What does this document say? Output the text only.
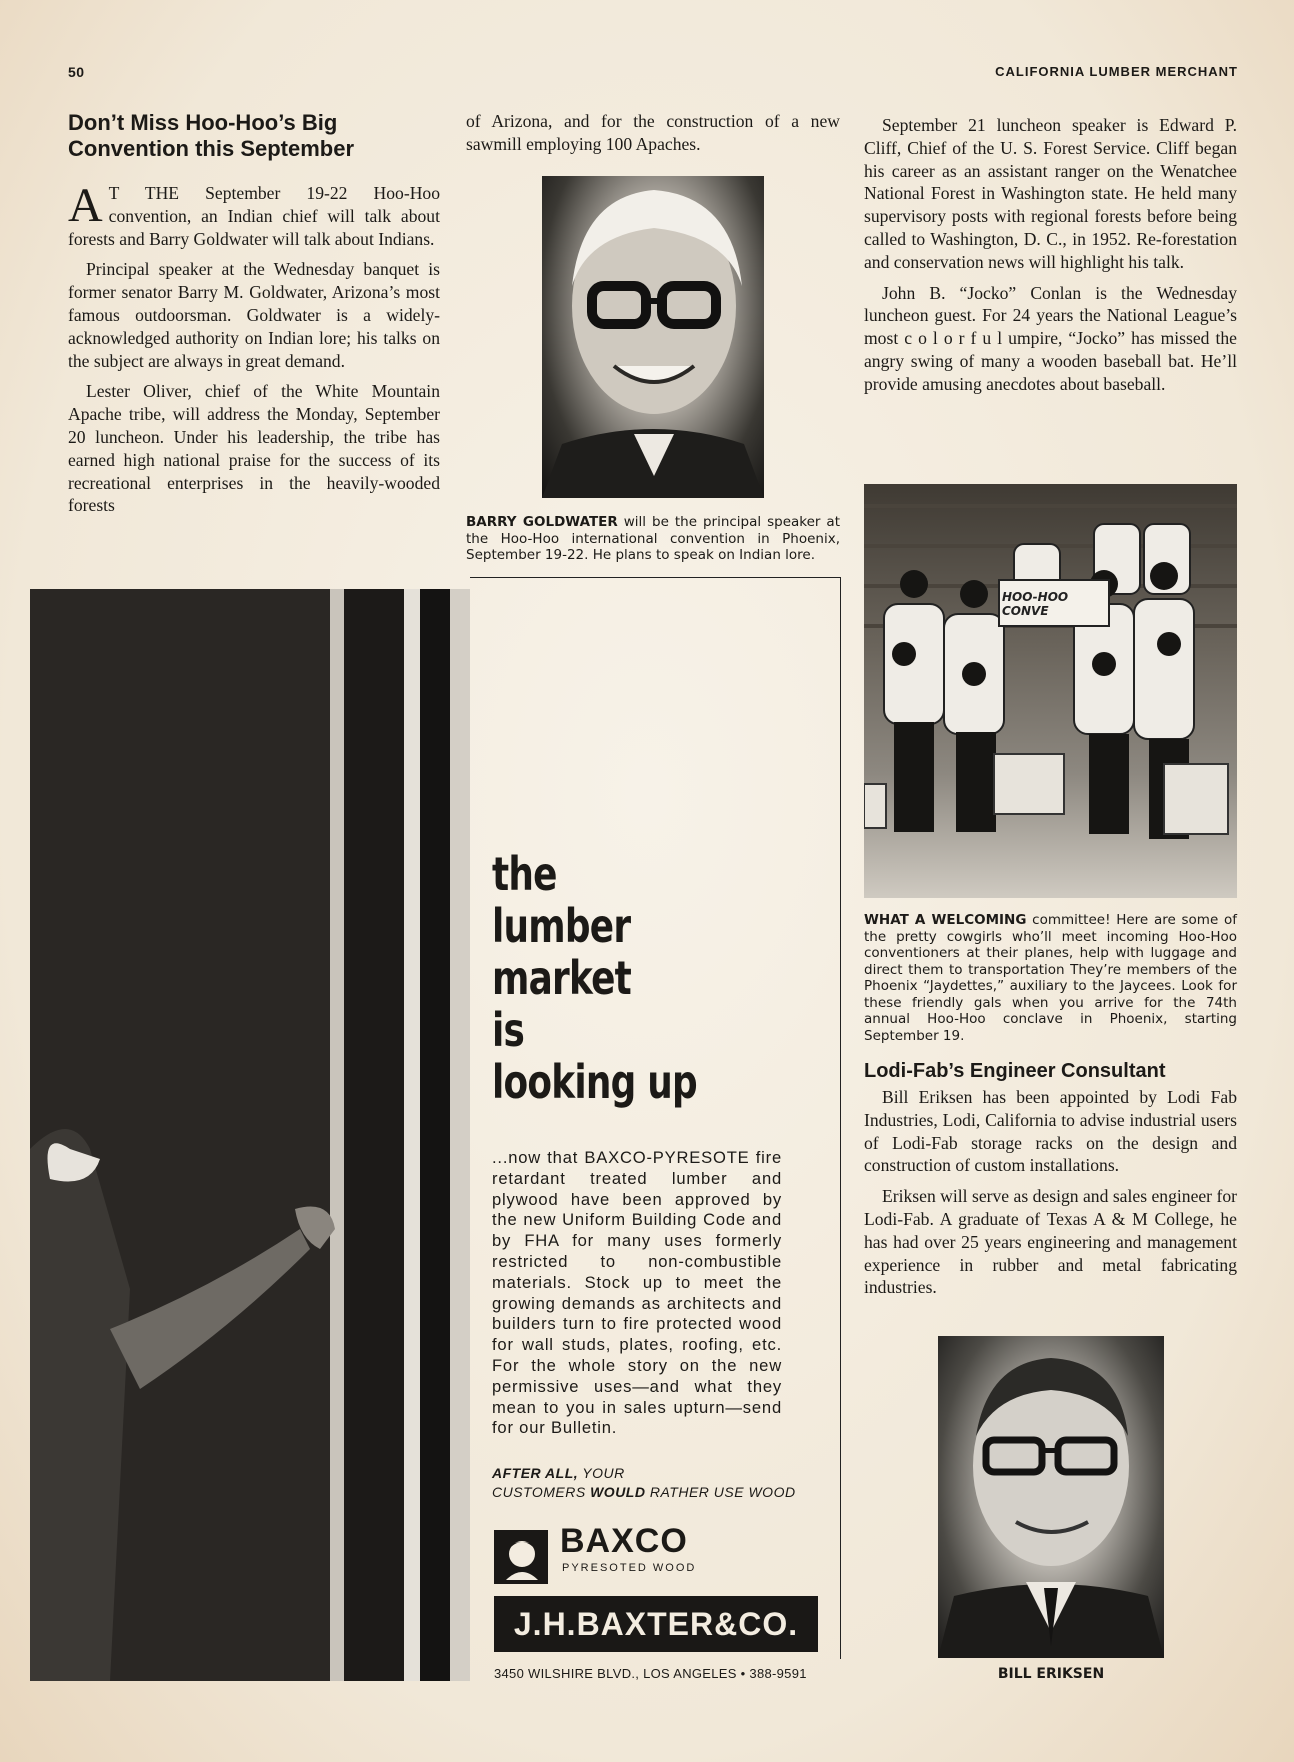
50	CALIFORNIA LUMBER MERCHANT
Don’t Miss Hoo-Hoo’s Big
Convention this September

A T THE September 19-22 Hoo-Hoo convention, an Indian chief will talk about forests and Barry Goldwater will talk about Indians.

Principal speaker at the Wednesday banquet is former senator Barry M. Goldwater, Arizona’s most famous outdoorsman. Goldwater is a widely-acknowledged authority on Indian lore; his talks on the subject are always in great demand.

Lester Oliver, chief of the White Mountain Apache tribe, will address the Monday, September 20 luncheon. Under his leadership, the tribe has earned high national praise for the success of its recreational enterprises in the heavily-wooded forests

of Arizona, and for the construction of a new sawmill employing 100 Apaches.

BARRY GOLDWATER will be the principal speaker at the Hoo-Hoo international convention in Phoenix, September 19-22. He plans to speak on Indian lore.

September 21 luncheon speaker is Edward P. Cliff, Chief of the U. S. Forest Service. Cliff began his career as an assistant ranger on the Wenatchee National Forest in Washington state. He held many supervisory posts with regional forests before being called to Washington, D. C., in 1952. Re-forestation and conservation news will highlight his talk.

John B. “Jocko” Conlan is the Wednesday luncheon guest. For 24 years the National League’s most c o l o r f u l umpire, “Jocko” has missed the angry swing of many a wooden baseball bat. He’ll provide amusing anecdotes about baseball.

HOO-HOO CONVE
WHAT A WELCOMING committee! Here are some of the pretty cowgirls who’ll meet incoming Hoo-Hoo conventioners at their planes, help with luggage and direct them to transportation They’re members of the Phoenix “Jaydettes,” auxiliary to the Jaycees. Look for these friendly gals when you arrive for the 74th annual Hoo-Hoo conclave in Phoenix, starting September 19.
Lodi-Fab’s Engineer Consultant

Bill Eriksen has been appointed by Lodi Fab Industries, Lodi, California to advise industrial users of Lodi-Fab storage racks on the design and construction of custom installations.

Eriksen will serve as design and sales engineer for Lodi-Fab. A graduate of Texas A & M College, he has had over 25 years engineering and management experience in rubber and metal fabricating industries.

BILL ERIKSEN
the
lumber
market
is
looking up
...now that BAXCO-PYRESOTE fire retardant treated lumber and plywood have been approved by the new Uniform Building Code and by FHA for many uses formerly restricted to non-combustible materials. Stock up to meet the growing demands as architects and builders turn to fire protected wood for wall studs, plates, roofing, etc. For the whole story on the new permissive uses—and what they mean to you in sales upturn—send for our Bulletin.
AFTER ALL, YOUR
CUSTOMERS WOULD RATHER USE WOOD
BAXCO
PYRESOTED WOOD
J.H.BAXTER&CO.
3450 WILSHIRE BLVD., LOS ANGELES • 388-9591
